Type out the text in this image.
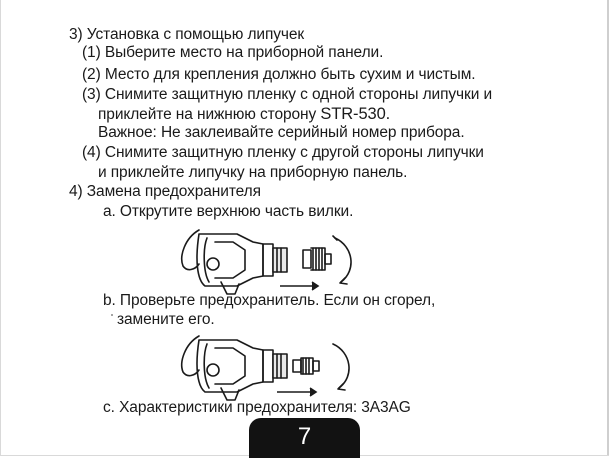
3) Установка с помощью липучек
(1) Выберите место на приборной панели.
(2) Место для крепления должно быть сухим и чистым.
(3) Снимите защитную пленку с одной стороны липучки и
приклейте на нижнюю сторону STR-530.
Важное: Не заклеивайте серийный номер прибора.
(4) Снимите защитную пленку с другой стороны липучки
и приклейте липучку на приборную панель.
4) Замена предохранителя
a. Открутите верхнюю часть вилки.
b. Проверьте предохранитель. Если он сгорел,
замените его.
c. Характеристики предохранителя: 3A3AG
7
